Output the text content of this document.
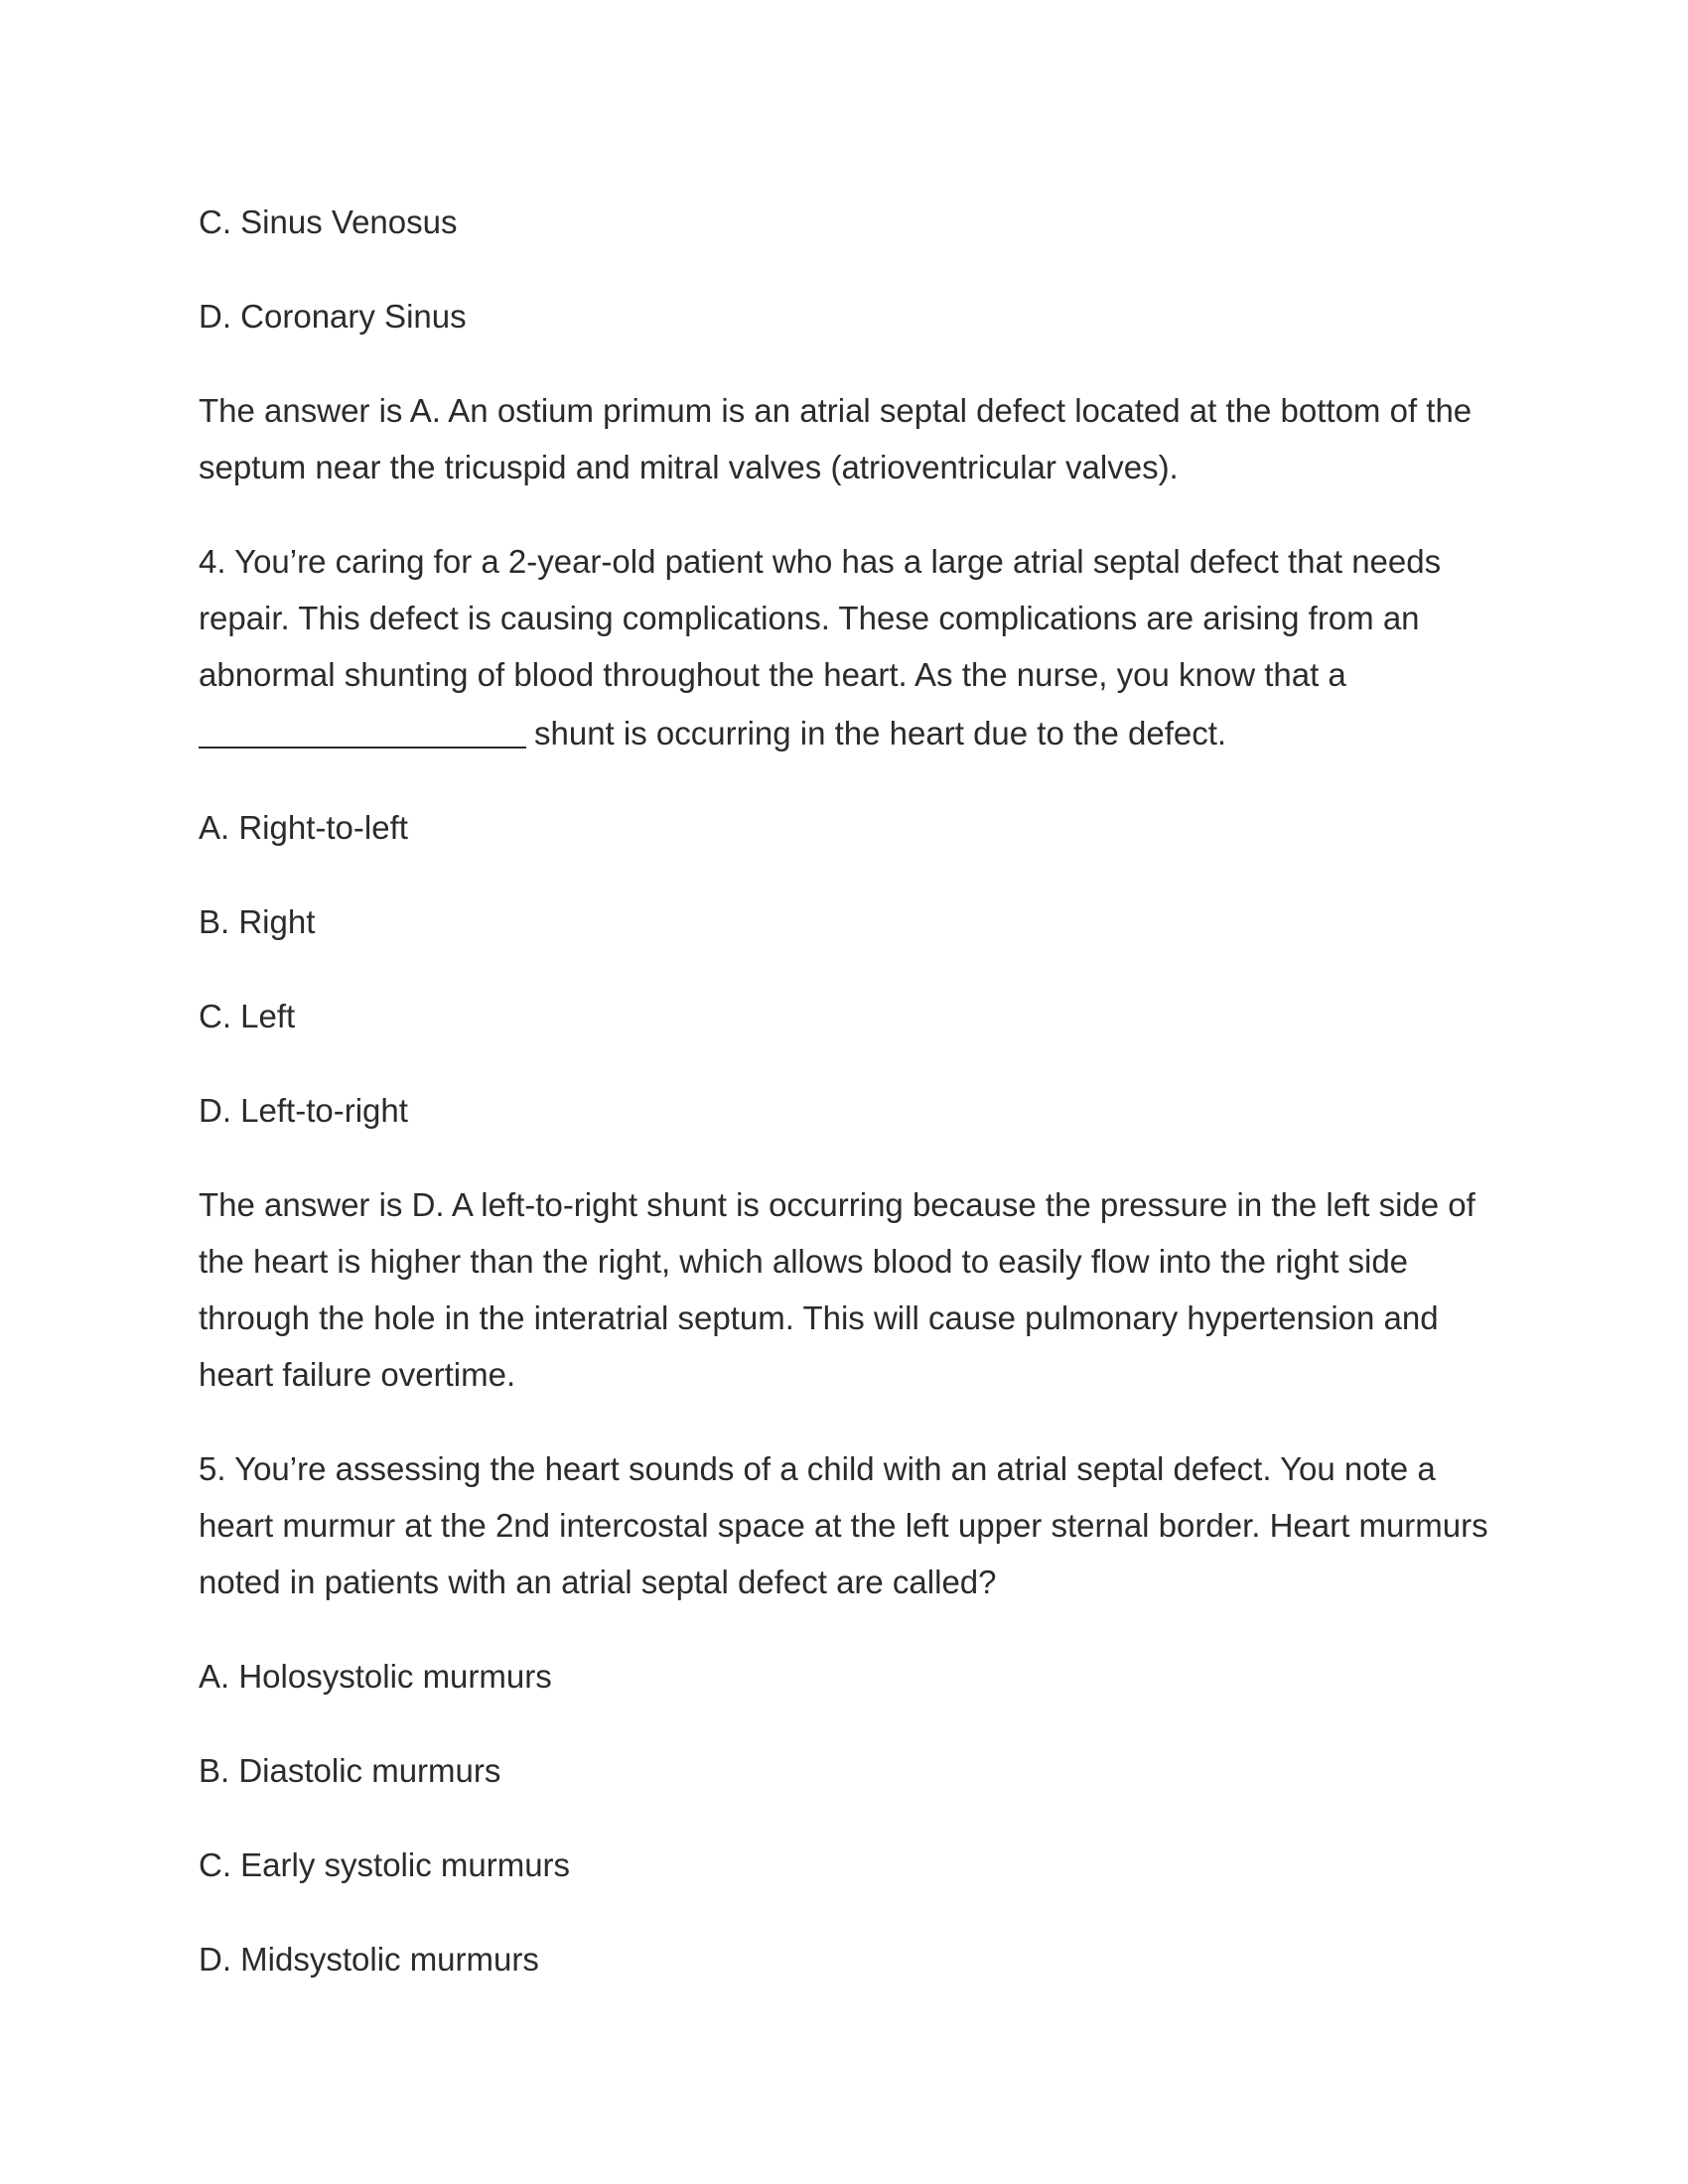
C. Sinus Venosus

D. Coronary Sinus

The answer is A. An ostium primum is an atrial septal defect located at the bottom of the septum near the tricuspid and mitral valves (atrioventricular valves).

4. You’re caring for a 2-year-old patient who has a large atrial septal defect that needs repair. This defect is causing complications. These complications are arising from an abnormal shunting of blood throughout the heart. As the nurse, you know that a
shunt is occurring in the heart due to the defect.

A. Right-to-left

B. Right

C. Left

D. Left-to-right

The answer is D. A left-to-right shunt is occurring because the pressure in the left side of the heart is higher than the right, which allows blood to easily flow into the right side through the hole in the interatrial septum. This will cause pulmonary hypertension and heart failure overtime.

5. You’re assessing the heart sounds of a child with an atrial septal defect. You note a heart murmur at the 2nd intercostal space at the left upper sternal border. Heart murmurs noted in patients with an atrial septal defect are called?

A. Holosystolic murmurs

B. Diastolic murmurs

C. Early systolic murmurs

D. Midsystolic murmurs
